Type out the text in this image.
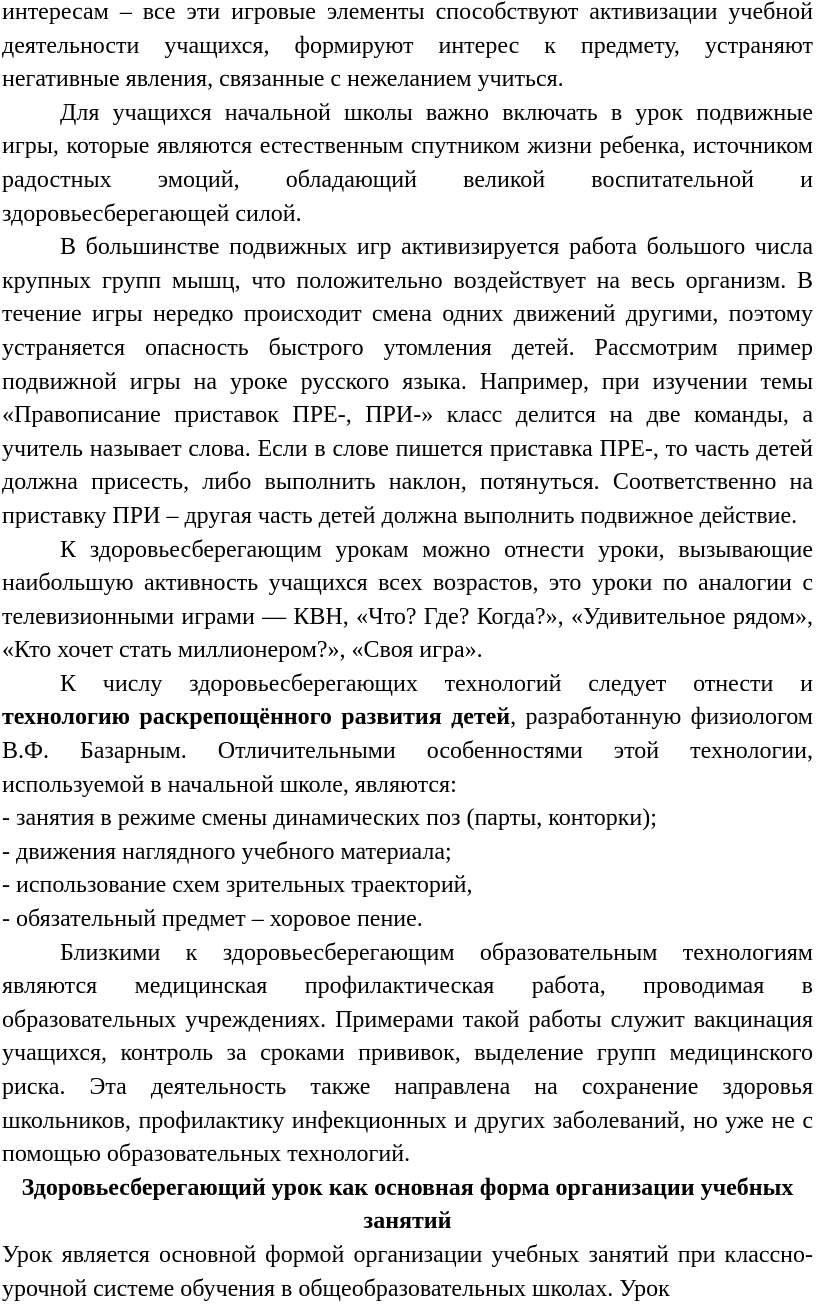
интересам – все эти игровые элементы способствуют активизации учебной деятельности учащихся, формируют интерес к предмету, устраняют негативные явления, связанные с нежеланием учиться.

Для учащихся начальной школы важно включать в урок подвижные игры, которые являются естественным спутником жизни ребенка, источником радостных эмоций, обладающий великой воспитательной и здоровьесберегающей силой.

В большинстве подвижных игр активизируется работа большого числа крупных групп мышц, что положительно воздействует на весь организм. В течение игры нередко происходит смена одних движений другими, поэтому устраняется опасность быстрого утомления детей. Рассмотрим пример подвижной игры на уроке русского языка. Например, при изучении темы «Правописание приставок ПРЕ-, ПРИ-» класс делится на две команды, а учитель называет слова. Если в слове пишется приставка ПРЕ-, то часть детей должна присесть, либо выполнить наклон, потянуться. Соответственно на приставку ПРИ – другая часть детей должна выполнить подвижное действие.

К здоровьесберегающим урокам можно отнести уроки, вызывающие наибольшую активность учащихся всех возрастов, это уроки по аналогии с телевизионными играми — КВН, «Что? Где? Когда?», «Удивительное рядом», «Кто хочет стать миллионером?», «Своя игра».

К числу здоровьесберегающих технологий следует отнести и технологию раскрепощённого развития детей, разработанную физиологом В.Ф. Базарным. Отличительными особенностями этой технологии, используемой в начальной школе, являются:

- занятия в режиме смены динамических поз (парты, конторки);
- движения наглядного учебного материала;
- использование схем зрительных траекторий,
- обязательный предмет – хоровое пение.

Близкими к здоровьесберегающим образовательным технологиям являются медицинская профилактическая работа, проводимая в образовательных учреждениях. Примерами такой работы служит вакцинация учащихся, контроль за сроками прививок, выделение групп медицинского риска. Эта деятельность также направлена на сохранение здоровья школьников, профилактику инфекционных и других заболеваний, но уже не с помощью образовательных технологий.

Здоровьесберегающий урок как основная форма организации учебных занятий

Урок является основной формой организации учебных занятий при классно-

урочной системе обучения в общеобразовательных школах. Урок
